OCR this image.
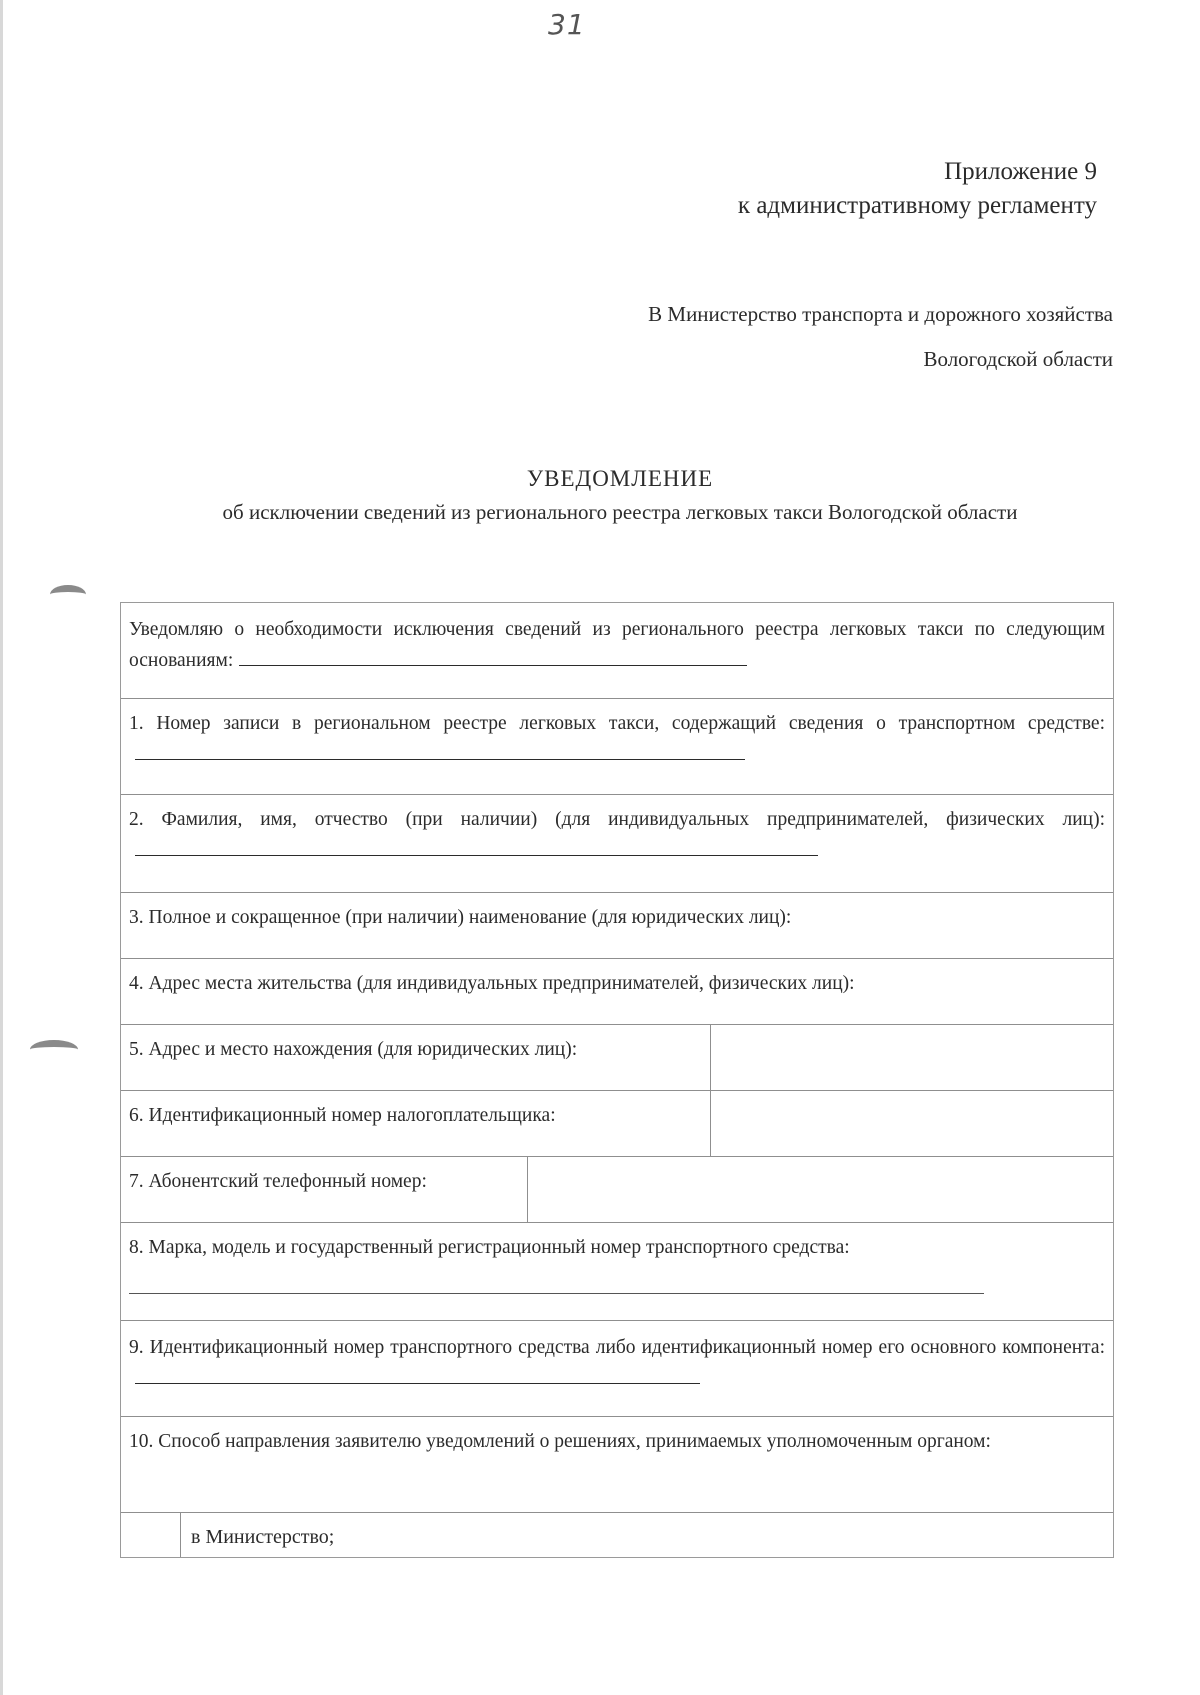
31
Приложение 9
к административному регламенту
В Министерство транспорта и дорожного хозяйства
Вологодской области
УВЕДОМЛЕНИЕ
об исключении сведений из регионального реестра легковых такси Вологодской области
Уведомляю о необходимости исключения сведений из регионального реестра легковых такси по следующим основаниям:
1. Номер записи в региональном реестре легковых такси, содержащий сведения о транспортном средстве:
2. Фамилия, имя, отчество (при наличии) (для индивидуальных предпринимателей, физических лиц):
3. Полное и сокращенное (при наличии) наименование (для юридических лиц):
4. Адрес места жительства (для индивидуальных предпринимателей, физических лиц):
5. Адрес и место нахождения (для юридических лиц):
6. Идентификационный номер налогоплательщика:
7. Абонентский телефонный номер:
8. Марка, модель и государственный регистрационный номер транспортного средства:
9. Идентификационный номер транспортного средства либо идентификационный номер его основного компонента:
10. Способ направления заявителю уведомлений о решениях, принимаемых уполномоченным органом:
в Министерство;
